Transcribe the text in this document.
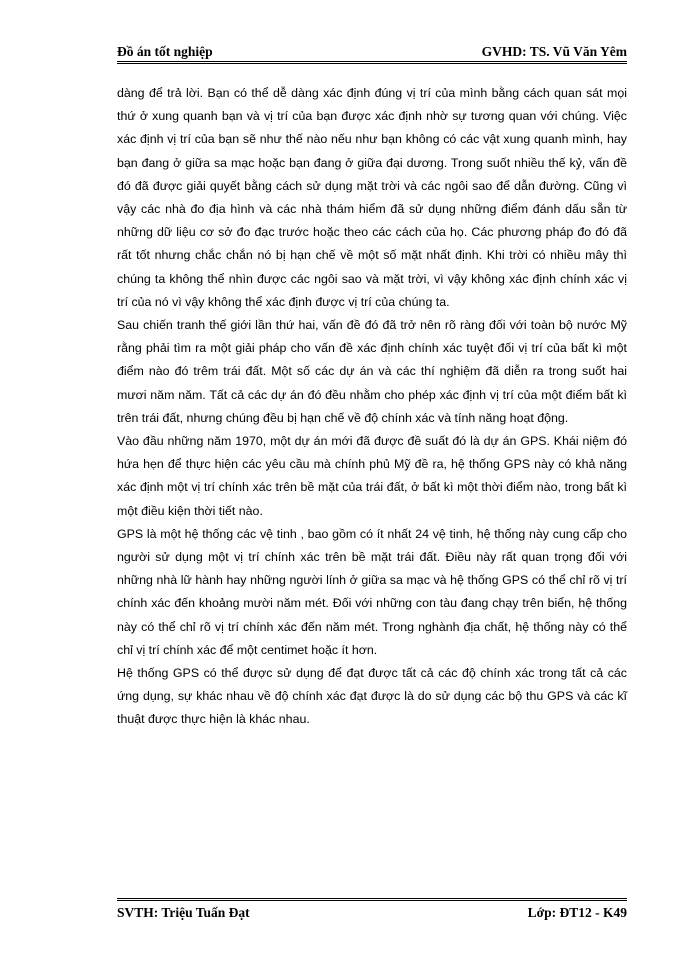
Đồ án tốt nghiệp	GVHD: TS. Vũ Văn Yêm

dàng để trả lời. Bạn có thể dễ dàng xác định đúng vị trí của mình bằng cách quan sát mọi thứ ở xung quanh bạn và vị trí của bạn được xác định nhờ sự tương quan với chúng. Việc xác định vị trí của bạn sẽ như thế nào nếu như bạn không có các vật xung quanh mình, hay bạn đang ở giữa sa mạc hoặc bạn đang ở giữa đại dương. Trong suốt nhiều thế kỷ, vấn đề đó đã được giải quyết bằng cách sử dụng mặt trời và các ngôi sao để dẫn đường. Cũng vì vậy các nhà đo địa hình và các nhà thám hiểm đã sử dụng những điểm đánh dấu sẵn từ những dữ liệu cơ sở đo đạc trước hoặc theo các cách của họ. Các phương pháp đo đó đã rất tốt nhưng chắc chắn nó bị hạn chế về một số mặt nhất định. Khi trời có nhiều mây thì chúng ta không thể nhìn được các ngôi sao và mặt trời, vì vậy không xác định chính xác vị trí của nó vì vậy không thể xác định được vị trí của chúng ta.

Sau chiến tranh thế giới lần thứ hai, vấn đề đó đã trở nên rõ ràng đối với toàn bộ nước Mỹ rằng phải tìm ra một giải pháp cho vấn đề xác định chính xác tuyệt đối vị trí của bất kì một điểm nào đó trêm trái đất. Một số các dự án và các thí nghiệm đã diễn ra trong suốt hai mươi năm năm. Tất cả các dự án đó đều nhằm cho phép xác định vị trí của một điểm bất kì trên trái đất, nhưng chúng đều bị hạn chế về độ chính xác và tính năng hoạt động.

Vào đầu những năm 1970, một dự án mới đã được đề suất đó là dự án GPS. Khái niệm đó hứa hẹn để thực hiện các yêu cầu mà chính phủ Mỹ đề ra, hệ thống GPS này có khả năng xác định một vị trí chính xác trên bề mặt của trái đất, ở bất kì một thời điểm nào, trong bất kì một điều kiện thời tiết nào.

GPS là một hệ thống các vệ tinh , bao gồm có ít nhất 24 vệ tinh, hệ thống này cung cấp cho người sử dụng một vị trí chính xác trên bề mặt trái đất. Điều này rất quan trọng đối với những nhà lữ hành hay những người lính ở giữa sa mạc và hệ thống GPS có thể chỉ rõ vị trí chính xác đến khoảng mười năm mét. Đối với những con tàu đang chạy trên biển, hệ thống này có thể chỉ rõ vị trí chính xác đến năm mét. Trong nghành địa chất, hệ thống này có thể chỉ vị trí chính xác để một centimet hoặc ít hơn.

Hệ thống GPS có thể được sử dụng để đạt được tất cả các độ chính xác trong tất cả các ứng dụng, sự khác nhau về độ chính xác đạt được là do sử dụng các bộ thu GPS và các kĩ thuật được thực hiện là khác nhau.

SVTH: Triệu Tuấn Đạt	Lớp: ĐT12 - K49
